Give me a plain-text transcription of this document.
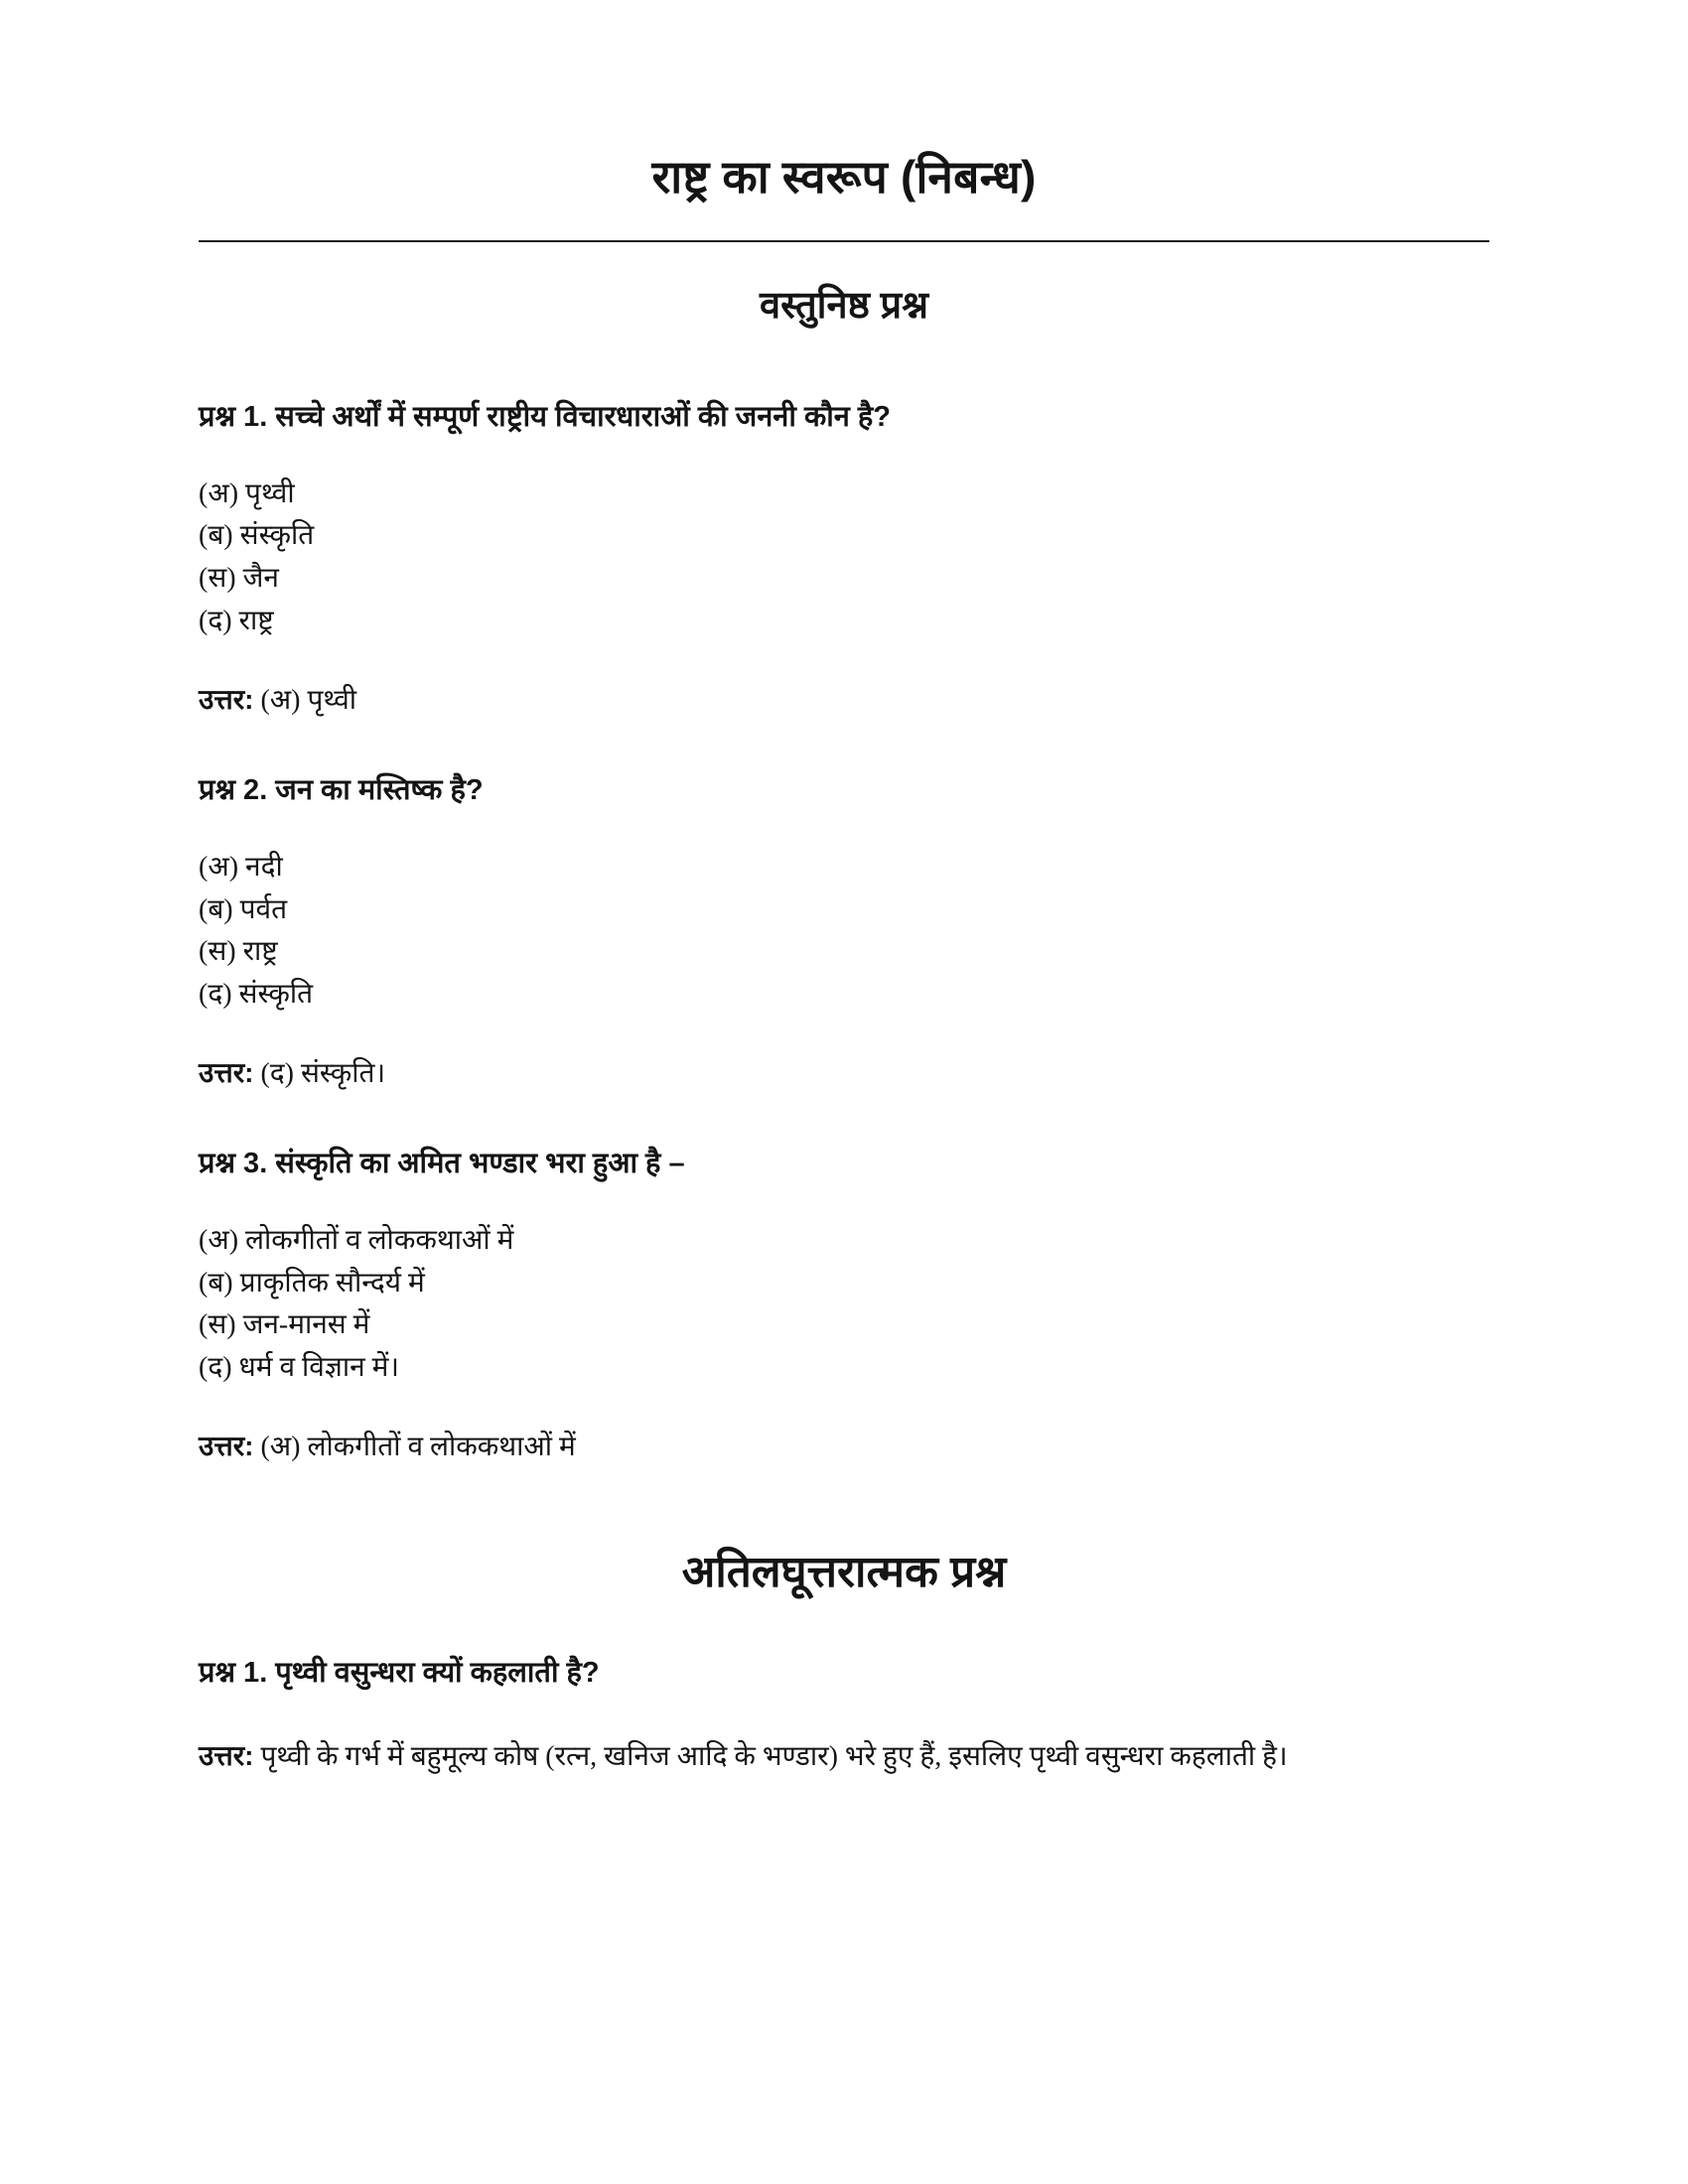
राष्ट्र का स्वरूप (निबन्ध)
वस्तुनिष्ठ प्रश्न

प्रश्न 1. सच्चे अर्थों में सम्पूर्ण राष्ट्रीय विचारधाराओं की जननी कौन है?

(अ) पृथ्वी
(ब) संस्कृति
(स) जैन
(द) राष्ट्र

उत्तर: (अ) पृथ्वी

प्रश्न 2. जन का मस्तिष्क है?

(अ) नदी
(ब) पर्वत
(स) राष्ट्र
(द) संस्कृति

उत्तर: (द) संस्कृति।

प्रश्न 3. संस्कृति का अमित भण्डार भरा हुआ है –

(अ) लोकगीतों व लोककथाओं में
(ब) प्राकृतिक सौन्दर्य में
(स) जन-मानस में
(द) धर्म व विज्ञान में।

उत्तर: (अ) लोकगीतों व लोककथाओं में

अतिलघूत्तरात्मक प्रश्न

प्रश्न 1. पृथ्वी वसुन्धरा क्यों कहलाती है?

उत्तर: पृथ्वी के गर्भ में बहुमूल्य कोष (रत्न, खनिज आदि के भण्डार) भरे हुए हैं, इसलिए पृथ्वी वसुन्धरा कहलाती है।
